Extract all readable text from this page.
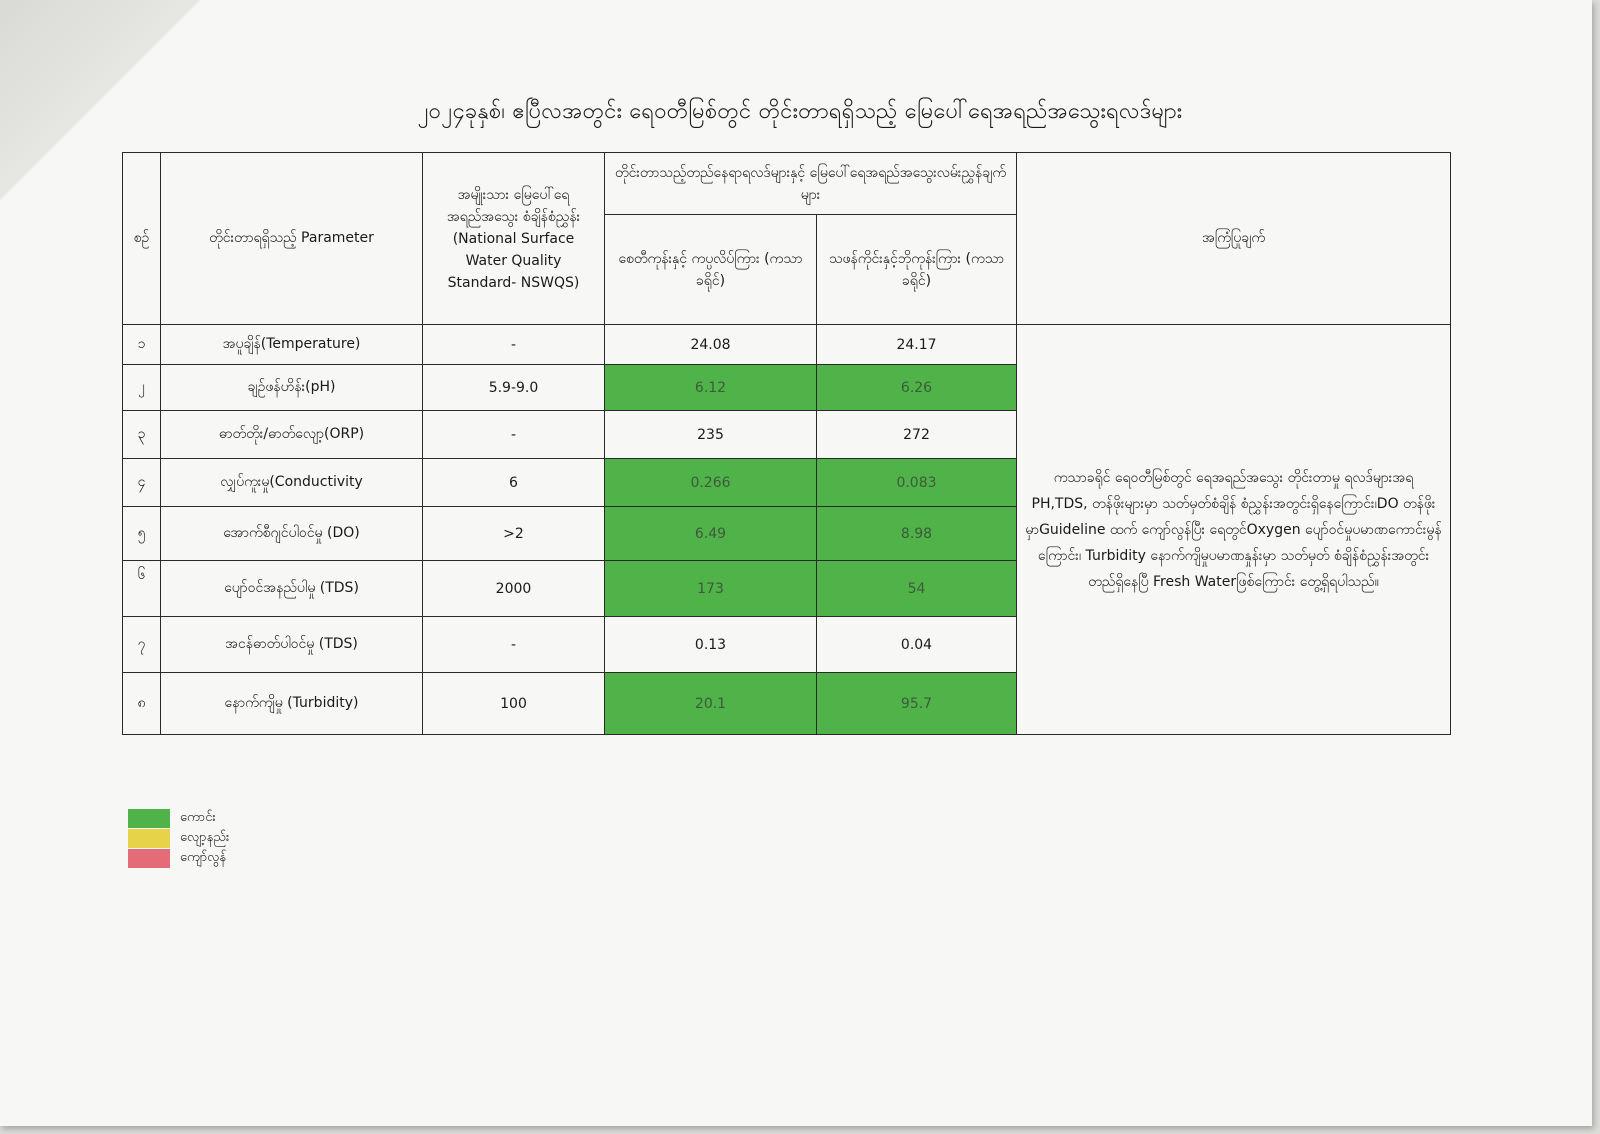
၂၀၂၄ခုနှစ်၊ ဧပြီလအတွင်း ရေဝတီမြစ်တွင် တိုင်းတာရရှိသည့် မြေပေါ်ရေအရည်အသွေးရလဒ်များ
စဉ်	တိုင်းတာရရှိသည့် Parameter	အမျိုးသား မြေပေါ်ရေ အရည်အသွေး စံချိန်စံညွှန်း (National Surface Water Quality Standard- NSWQS)	တိုင်းတာသည့်တည်နေရာရလဒ်များနှင့် မြေပေါ်ရေအရည်အသွေးလမ်းညွှန်ချက်များ		အကြံပြုချက်
			စေတီကုန်းနှင့် ကပ္ပလိပ်ကြား (ကသာခရိုင်)	သဖန်ကိုင်းနှင့်ဘိုကုန်းကြား (ကသာခရိုင်)	
၁	အပူချိန်(Temperature)	-	24.08	24.17	ကသာခရိုင် ရေဝတီမြစ်တွင် ရေအရည်အသွေး တိုင်းတာမှု ရလဒ်များအရ PH,TDS, တန်ဖိုးများမှာ သတ်မှတ်စံချိန် စံညွှန်းအတွင်းရှိနေကြောင်း၊DO တန်ဖိုးမှာGuideline ထက် ကျော်လွန်ပြီး ရေတွင်Oxygen ပျော်ဝင်မှုပမာဏကောင်းမွန် ကြောင်း၊ Turbidity နောက်ကျိမှုပမာဏနှုန်းမှာ သတ်မှတ် စံချိန်စံညွှန်းအတွင်း တည်ရှိနေပြီ Fresh Waterဖြစ်ကြောင်း တွေ့ရှိရပါသည်။
၂	ချဉ်ဖန်ဟိန်း(pH)	5.9-9.0	6.12	6.26	
၃	ဓာတ်တိုး/ဓာတ်လျော့(ORP)	-	235	272	
၄	လျှပ်ကူးမှု(Conductivity	6	0.266	0.083	
၅	အောက်စီဂျင်ပါဝင်မှု (DO)	>2	6.49	8.98	
၆	ပျော်ဝင်အနည်ပါမှု (TDS)	2000	173	54	
၇	အငန်ဓာတ်ပါဝင်မှု (TDS)	-	0.13	0.04	
၈	နောက်ကျိမှု (Turbidity)	100	20.1	95.7	
ကောင်း
လျော့နည်း
ကျော်လွန်
